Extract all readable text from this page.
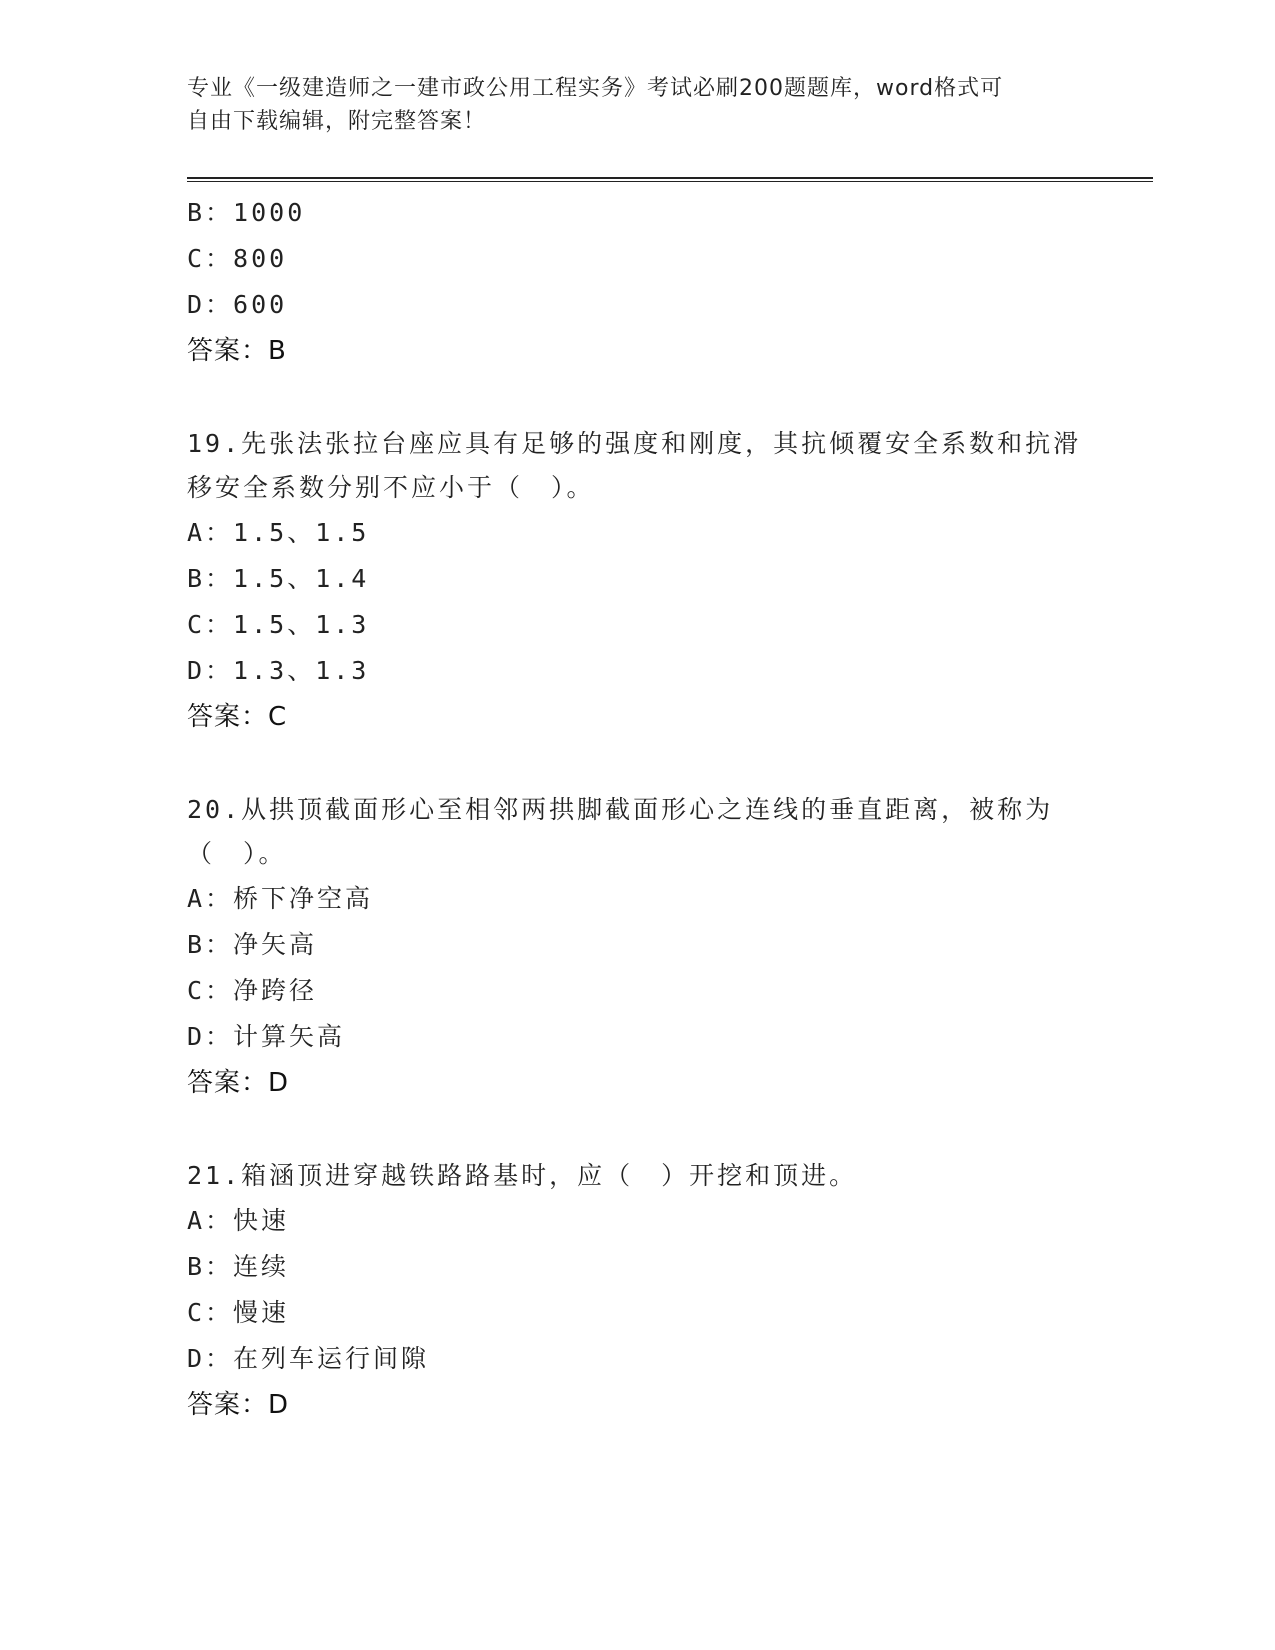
专业《一级建造师之一建市政公用工程实务》考试必刷200题题库，word格式可
自由下载编辑，附完整答案！
B：1000
C：800
D：600
答案：B
19.先张法张拉台座应具有足够的强度和刚度，其抗倾覆安全系数和抗滑移安全系数分别不应小于（　）。
A：1.5、1.5
B：1.5、1.4
C：1.5、1.3
D：1.3、1.3
答案：C
20.从拱顶截面形心至相邻两拱脚截面形心之连线的垂直距离，被称为（　）。
A：桥下净空高
B：净矢高
C：净跨径
D：计算矢高
答案：D
21.箱涵顶进穿越铁路路基时，应（　）开挖和顶进。
A：快速
B：连续
C：慢速
D：在列车运行间隙
答案：D
